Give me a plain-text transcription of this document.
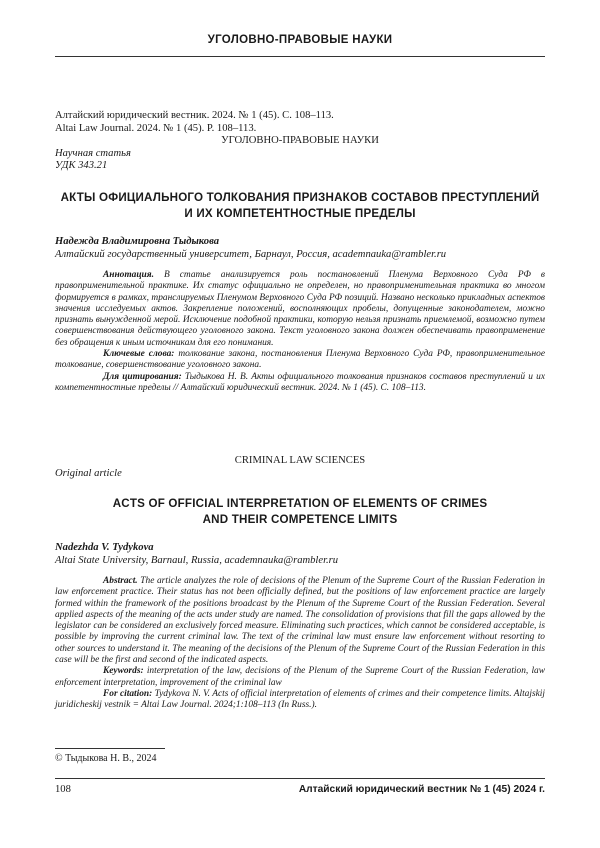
УГОЛОВНО-ПРАВОВЫЕ НАУКИ
Алтайский юридический вестник. 2024. № 1 (45). С. 108–113.
Altai Law Journal. 2024. № 1 (45). P. 108–113.
УГОЛОВНО-ПРАВОВЫЕ НАУКИ
Научная статья
УДК 343.21
АКТЫ ОФИЦИАЛЬНОГО ТОЛКОВАНИЯ ПРИЗНАКОВ СОСТАВОВ ПРЕСТУПЛЕНИЙ
И ИХ КОМПЕТЕНТНОСТНЫЕ ПРЕДЕЛЫ
Надежда Владимировна Тыдыкова
Алтайский государственный университет, Барнаул, Россия, academnauka@rambler.ru

Аннотация. В статье анализируется роль постановлений Пленума Верховного Суда РФ в правоприменительной практике. Их статус официально не определен, но правоприменительная практика во многом формируется в рамках, транслируемых Пленумом Верховного Суда РФ позиций. Названо несколько прикладных аспектов значения исследуемых актов. Закрепление положений, восполняющих пробелы, допущенные законодателем, можно признать вынужденной мерой. Исключение подобной практики, которую нельзя признать приемлемой, возможно путем совершенствования действующего уголовного закона. Текст уголовного закона должен обеспечивать правоприменение без обращения к иным источникам для его понимания.

Ключевые слова: толкование закона, постановления Пленума Верховного Суда РФ, правоприменительное толкование, совершенствование уголовного закона.

Для цитирования: Тыдыкова Н. В. Акты официального толкования признаков составов преступлений и их компетентностные пределы // Алтайский юридический вестник. 2024. № 1 (45). С. 108–113.

CRIMINAL LAW SCIENCES
Original article
ACTS OF OFFICIAL INTERPRETATION OF ELEMENTS OF CRIMES
AND THEIR COMPETENCE LIMITS
Nadezhda V. Tydykova
Altai State University, Barnaul, Russia, academnauka@rambler.ru

Abstract. The article analyzes the role of decisions of the Plenum of the Supreme Court of the Russian Federation in law enforcement practice. Their status has not been officially defined, but the positions of law enforcement practice are largely formed within the framework of the positions broadcast by the Plenum of the Supreme Court of the Russian Federation. Several applied aspects of the meaning of the acts under study are named. The consolidation of provisions that fill the gaps allowed by the legislator can be considered an exclusively forced measure. Eliminating such practices, which cannot be considered acceptable, is possible by improving the current criminal law. The text of the criminal law must ensure law enforcement without resorting to other sources to understand it. The meaning of the decisions of the Plenum of the Supreme Court of the Russian Federation in this case will be the first and second of the indicated aspects.

Keywords: interpretation of the law, decisions of the Plenum of the Supreme Court of the Russian Federation, law enforcement interpretation, improvement of the criminal law

For citation: Tydykova N. V. Acts of official interpretation of elements of crimes and their competence limits. Altajskij juridicheskij vestnik = Altai Law Journal. 2024;1:108–113 (In Russ.).

© Тыдыкова Н. В., 2024
108	Алтайский юридический вестник № 1 (45) 2024 г.
